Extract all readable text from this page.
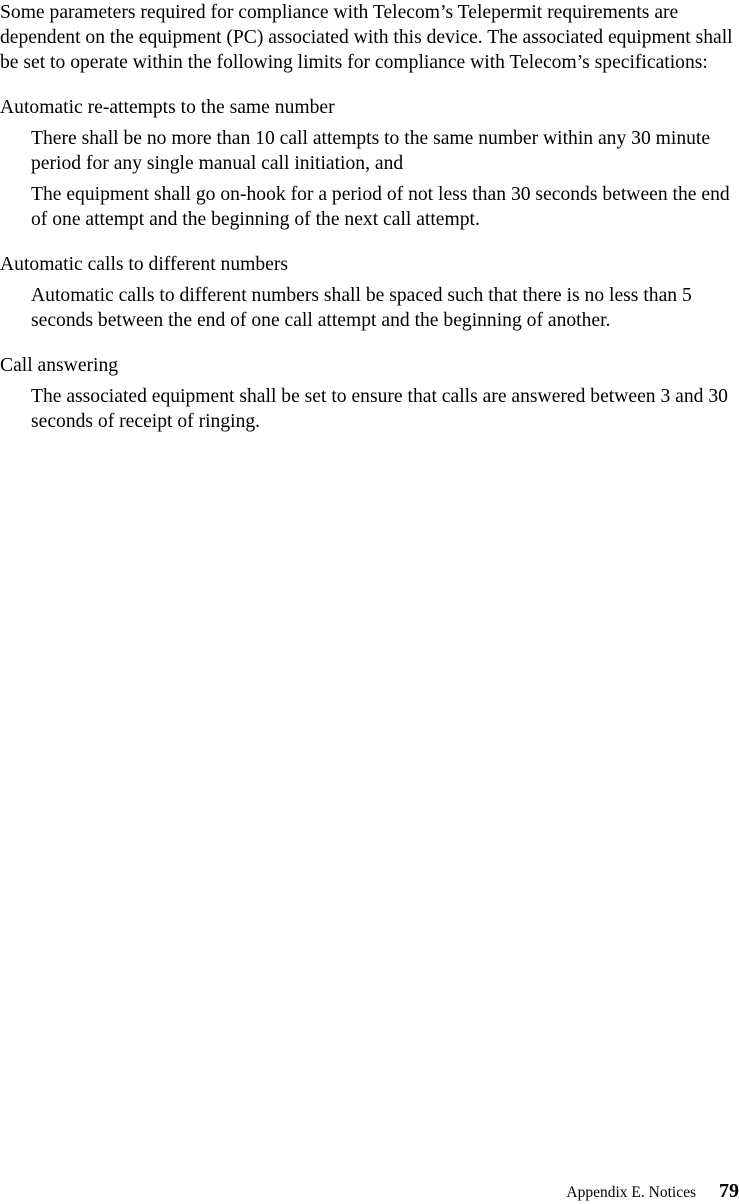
Some parameters required for compliance with Telecom’s Telepermit requirements are dependent on the equipment (PC) associated with this device. The associated equipment shall be set to operate within the following limits for compliance with Telecom’s specifications:

Automatic re-attempts to the same number

There shall be no more than 10 call attempts to the same number within any 30 minute period for any single manual call initiation, and

The equipment shall go on-hook for a period of not less than 30 seconds between the end of one attempt and the beginning of the next call attempt.

Automatic calls to different numbers

Automatic calls to different numbers shall be spaced such that there is no less than 5 seconds between the end of one call attempt and the beginning of another.

Call answering

The associated equipment shall be set to ensure that calls are answered between 3 and 30 seconds of receipt of ringing.

Appendix E. Notices 79
